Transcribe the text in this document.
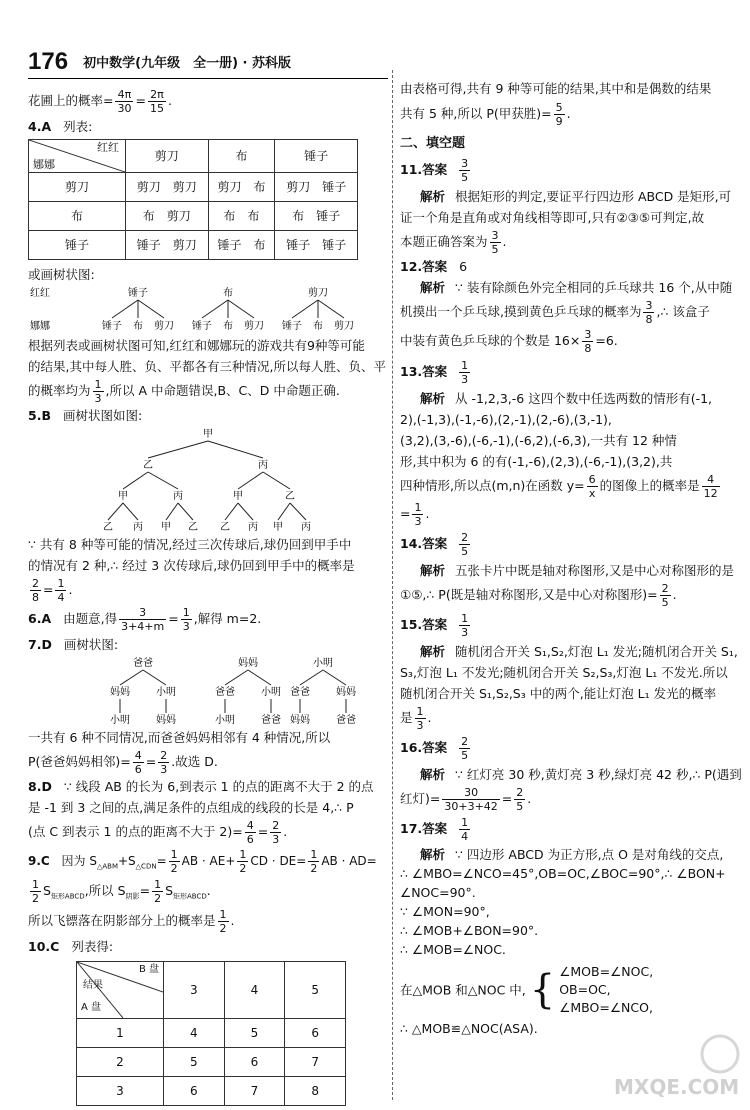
176 初中数学(九年级　全一册) · 苏科版
花圃上的概率= $\frac{4\pi}{30} = \frac{2\pi}{15}$ .
4.A 列表:
红红
娜娜	剪刀	布	锤子
剪刀	剪刀　剪刀	剪刀　布	剪刀　锤子
布	布　剪刀	布　布	布　锤子
锤子	锤子　剪刀	锤子　布	锤子　锤子
或画树状图:
红红
娜娜
锤子
锤子 布 剪刀
布
锤子 布 剪刀
剪刀
锤子 布 剪刀
根据列表或画树状图可知,红红和娜娜玩的游戏共有9种等可能
的结果,其中每人胜、负、平都各有三种情况,所以每人胜、负、平
的概率均为 $\frac{1}{3}$ ,所以 A 中命题错误,B、C、D 中命题正确.
5.B 画树状图如图:
甲
乙	丙
甲	丙	甲	乙
乙 丙 甲 乙 乙 丙 甲 丙
∵ 共有 8 种等可能的情况,经过三次传球后,球仍回到甲手中
的情况有 2 种,∴ 经过 3 次传球后,球仍回到甲手中的概率是
$\frac{2}{8} = \frac{1}{4}$ .
6.A 由题意,得 $\frac{3}{3+4+m} = \frac{1}{3}$ ,解得 m=2.
7.D 画树状图:
爸爸
妈妈
小明
小明
妈妈
妈妈
爸爸
小明
小明
爸爸
小明
爸爸
妈妈
妈妈
爸爸
一共有 6 种不同情况,而爸爸妈妈相邻有 4 种情况,所以
P(爸爸妈妈相邻)= $\frac{4}{6} = \frac{2}{3}$ .故选 D.
8.D ∵ 线段 AB 的长为 6,到表示 1 的点的距离不大于 2 的点
是 -1 到 3 之间的点,满足条件的点组成的线段的长是 4,∴ P
(点 C 到表示 1 的点的距离不大于 $2)= \frac{4}{6} = \frac{2}{3}$ .
9.C 因为 $S_{\triangle ABM}+S_{\triangle CDN}= \frac{1}{2}$ AB · $AE+ \frac{1}{2}$ CD · $DE= \frac{1}{2}$ AB · AD=
$\frac{1}{2} S_{矩形ABCD}$,所以 $S_{阴影}= \frac{1}{2} S_{矩形ABCD}$.
所以飞镖落在阴影部分上的概率是 $\frac{1}{2}$ .
10.C 列表得:
B 盘
结果
A 盘	3	4	5
1	4	5	6
2	5	6	7
3	6	7	8
由表格可得,共有 9 种等可能的结果,其中和是偶数的结果
共有 5 种,所以 P(甲获胜)= $\frac{5}{9}$ .
二、填空题
11.答案 $\frac{3}{5}$
解析 根据矩形的判定,要证平行四边形 ABCD 是矩形,可
证一个角是直角或对角线相等即可,只有②③⑤可判定,故
本题正确答案为 $\frac{3}{5}$ .
12.答案 6
解析 ∵ 装有除颜色外完全相同的乒乓球共 16 个,从中随
机摸出一个乒乓球,摸到黄色乒乓球的概率为 $\frac{3}{8}$ ,∴ 该盒子
中装有黄色乒乓球的个数是 $16\times \frac{3}{8} =6$.
13.答案 $\frac{1}{3}$
解析 从 -1,2,3,-6 这四个数中任选两数的情形有(-1,
2),(-1,3),(-1,-6),(2,-1),(2,-6),(3,-1),
(3,2),(3,-6),(-6,-1),(-6,2),(-6,3),一共有 12 种情
形,其中积为 6 的有(-1,-6),(2,3),(-6,-1),(3,2),共
四种情形,所以点(m,n)在函数 $y= \frac{6}{x}$ 的图像上的概率是 $\frac{4}{12}$
= $\frac{1}{3}$ .
14.答案 $\frac{2}{5}$
解析 五张卡片中既是轴对称图形,又是中心对称图形的是
①⑤,∴ P(既是轴对称图形,又是中心对称图形)= $\frac{2}{5}$ .
15.答案 $\frac{1}{3}$
解析 随机闭合开关 S₁,S₂,灯泡 L₁ 发光;随机闭合开关 S₁,
S₃,灯泡 L₁ 不发光;随机闭合开关 S₂,S₃,灯泡 L₁ 不发光.所以
随机闭合开关 S₁,S₂,S₃ 中的两个,能让灯泡 L₁ 发光的概率
是 $\frac{1}{3}$ .
16.答案 $\frac{2}{5}$
解析 ∵ 红灯亮 30 秒,黄灯亮 3 秒,绿灯亮 42 秒,∴ P(遇到
红灯)= $\frac{30}{30+3+42} = \frac{2}{5}$ .
17.答案 $\frac{1}{4}$
解析 ∵ 四边形 ABCD 为正方形,点 O 是对角线的交点,
∴ ∠MBO=∠NCO=45°,OB=OC,∠BOC=90°,∴ ∠BON+
∠NOC=90°.
∵ ∠MON=90°,
∴ ∠MOB+∠BON=90°.
∴ ∠MOB=∠NOC.
在△MOB 和△NOC 中, { ∠MOB=∠NOC,
OB=OC,
∠MBO=∠NCO,
∴ △MOB≌△NOC(ASA).
MXQE.COM
